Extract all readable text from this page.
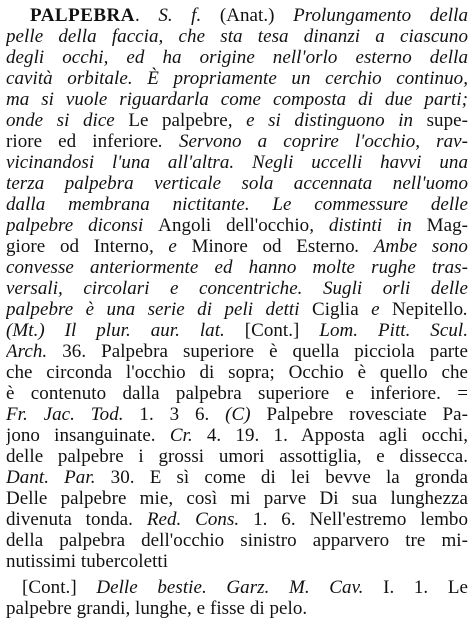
PALPEBRA. S. f. (Anat.) Prolungamento della
pelle della faccia, che sta tesa dinanzi a ciascuno
degli occhi, ed ha origine nell'orlo esterno della
cavità orbitale. È propriamente un cerchio continuo,
ma si vuole riguardarla come composta di due parti;
onde si dice Le palpebre, e si distinguono in supe-
riore ed inferiore. Servono a coprire l'occhio, rav-
vicinandosi l'una all'altra. Negli uccelli havvi una
terza palpebra verticale sola accennata nell'uomo
dalla membrana nictitante. Le commessure delle
palpebre diconsi Angoli dell'occhio, distinti in Mag-
giore od Interno, e Minore od Esterno. Ambe sono
convesse anteriormente ed hanno molte rughe tras-
versali, circolari e concentriche. Sugli orli delle
palpebre è una serie di peli detti Ciglia e Nepitello.
(Mt.) Il plur. aur. lat. [Cont.] Lom. Pitt. Scul.
Arch. 36. Palpebra superiore è quella picciola parte
che circonda l'occhio di sopra; Occhio è quello che
è contenuto dalla palpebra superiore e inferiore. =
Fr. Jac. Tod. 1. 3 6. (C) Palpebre rovesciate Pa-
jono insanguinate. Cr. 4. 19. 1. Apposta agli occhi,
delle palpebre i grossi umori assottiglia, e dissecca.
Dant. Par. 30. E sì come di lei bevve la gronda
Delle palpebre mie, così mi parve Di sua lunghezza
divenuta tonda. Red. Cons. 1. 6. Nell'estremo lembo
della palpebra dell'occhio sinistro apparvero tre mi-
nutissimi tubercoletti
[Cont.] Delle bestie. Garz. M. Cav. I. 1. Le
palpebre grandi, lunghe, e fisse di pelo.
